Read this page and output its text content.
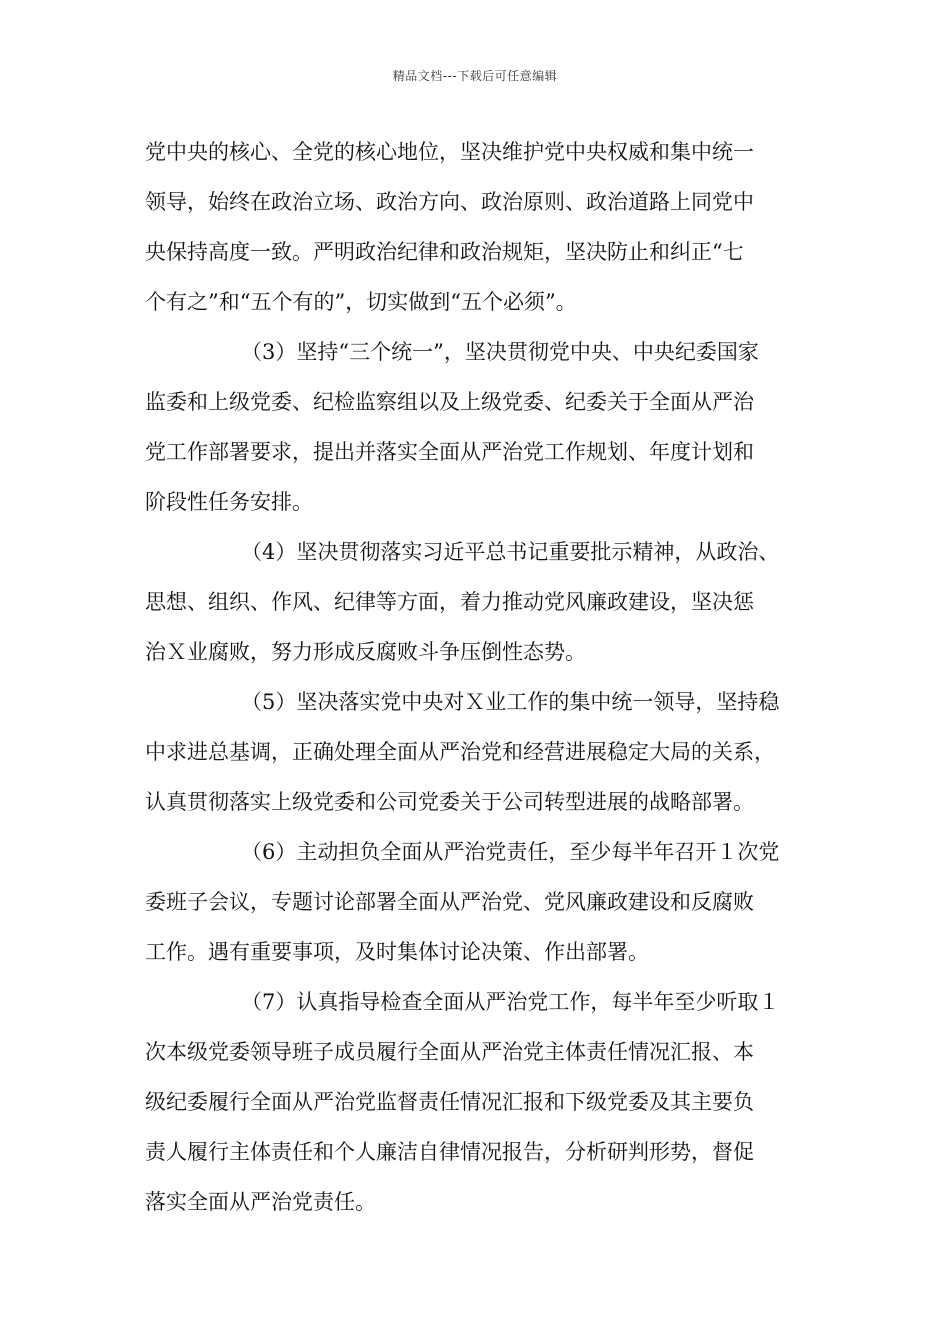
精品文档---下载后可任意编辑
党中央的核心、全党的核心地位，坚决维护党中央权威和集中统一
领导，始终在政治立场、政治方向、政治原则、政治道路上同党中
央保持高度一致。严明政治纪律和政治规矩，坚决防止和纠正“七
个有之”和“五个有的”，切实做到“五个必须”。
（3）坚持“三个统一”，坚决贯彻党中央、中央纪委国家
监委和上级党委、纪检监察组以及上级党委、纪委关于全面从严治
党工作部署要求，提出并落实全面从严治党工作规划、年度计划和
阶段性任务安排。
（4）坚决贯彻落实习近平总书记重要批示精神，从政治、
思想、组织、作风、纪律等方面，着力推动党风廉政建设，坚决惩
治Ｘ业腐败，努力形成反腐败斗争压倒性态势。
（5）坚决落实党中央对Ｘ业工作的集中统一领导，坚持稳
中求进总基调，正确处理全面从严治党和经营进展稳定大局的关系，
认真贯彻落实上级党委和公司党委关于公司转型进展的战略部署。
（6）主动担负全面从严治党责任，至少每半年召开１次党
委班子会议，专题讨论部署全面从严治党、党风廉政建设和反腐败
工作。遇有重要事项，及时集体讨论决策、作出部署。
（7）认真指导检查全面从严治党工作，每半年至少听取１
次本级党委领导班子成员履行全面从严治党主体责任情况汇报、本
级纪委履行全面从严治党监督责任情况汇报和下级党委及其主要负
责人履行主体责任和个人廉洁自律情况报告，分析研判形势，督促
落实全面从严治党责任。
